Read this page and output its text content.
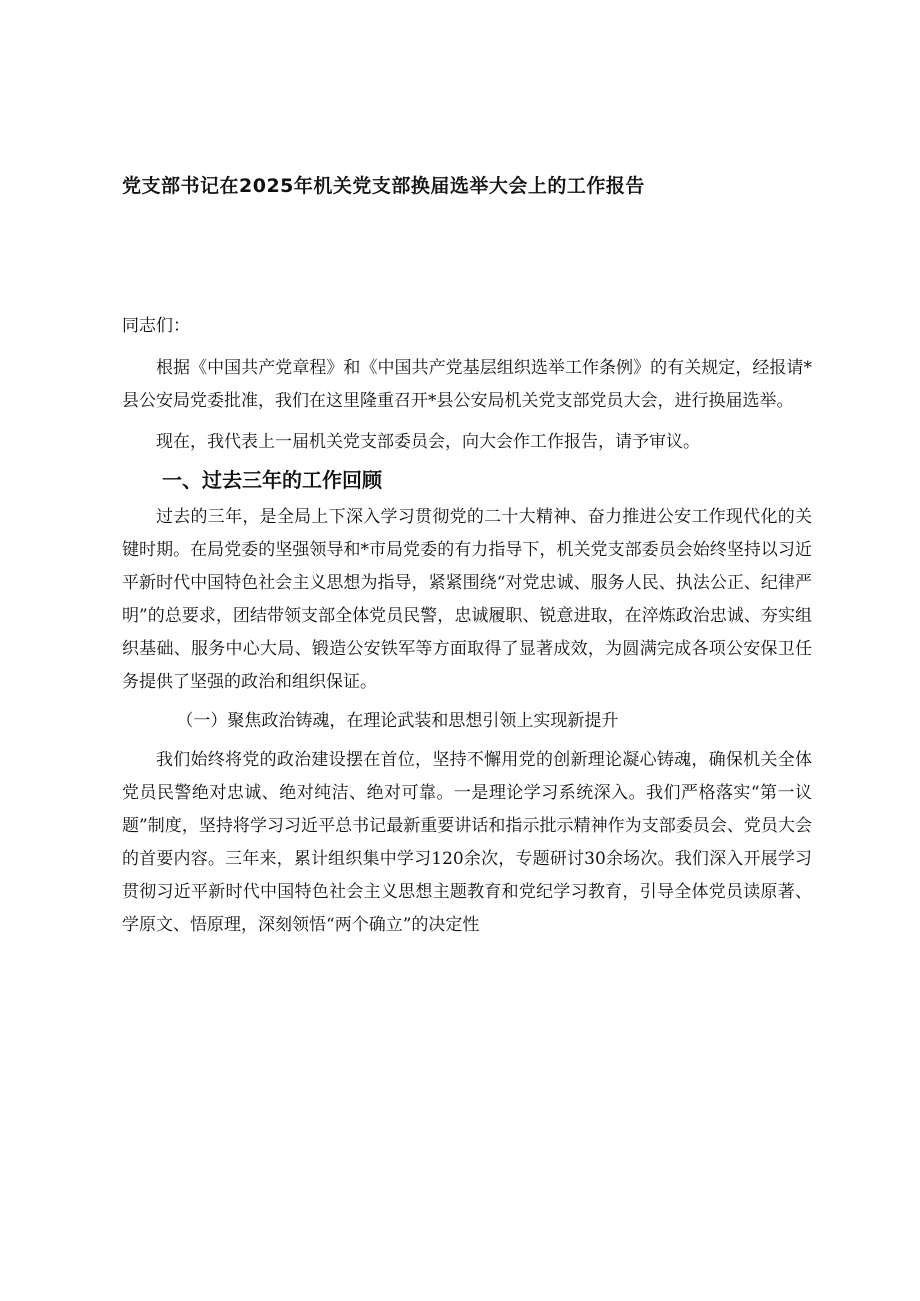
党支部书记在2025年机关党支部换届选举大会上的工作报告

同志们：

根据《中国共产党章程》和《中国共产党基层组织选举工作条例》的有关规定，经报请*县公安局党委批准，我们在这里隆重召开*县公安局机关党支部党员大会，进行换届选举。

现在，我代表上一届机关党支部委员会，向大会作工作报告，请予审议。

一、过去三年的工作回顾

过去的三年，是全局上下深入学习贯彻党的二十大精神、奋力推进公安工作现代化的关键时期。在局党委的坚强领导和*市局党委的有力指导下，机关党支部委员会始终坚持以习近平新时代中国特色社会主义思想为指导，紧紧围绕“对党忠诚、服务人民、执法公正、纪律严明”的总要求，团结带领支部全体党员民警，忠诚履职、锐意进取，在淬炼政治忠诚、夯实组织基础、服务中心大局、锻造公安铁军等方面取得了显著成效，为圆满完成各项公安保卫任务提供了坚强的政治和组织保证。

（一）聚焦政治铸魂，在理论武装和思想引领上实现新提升

我们始终将党的政治建设摆在首位，坚持不懈用党的创新理论凝心铸魂，确保机关全体党员民警绝对忠诚、绝对纯洁、绝对可靠。一是理论学习系统深入。我们严格落实“第一议题”制度，坚持将学习习近平总书记最新重要讲话和指示批示精神作为支部委员会、党员大会的首要内容。三年来，累计组织集中学习120余次，专题研讨30余场次。我们深入开展学习贯彻习近平新时代中国特色社会主义思想主题教育和党纪学习教育，引导全体党员读原著、学原文、悟原理，深刻领悟“两个确立”的决定性
